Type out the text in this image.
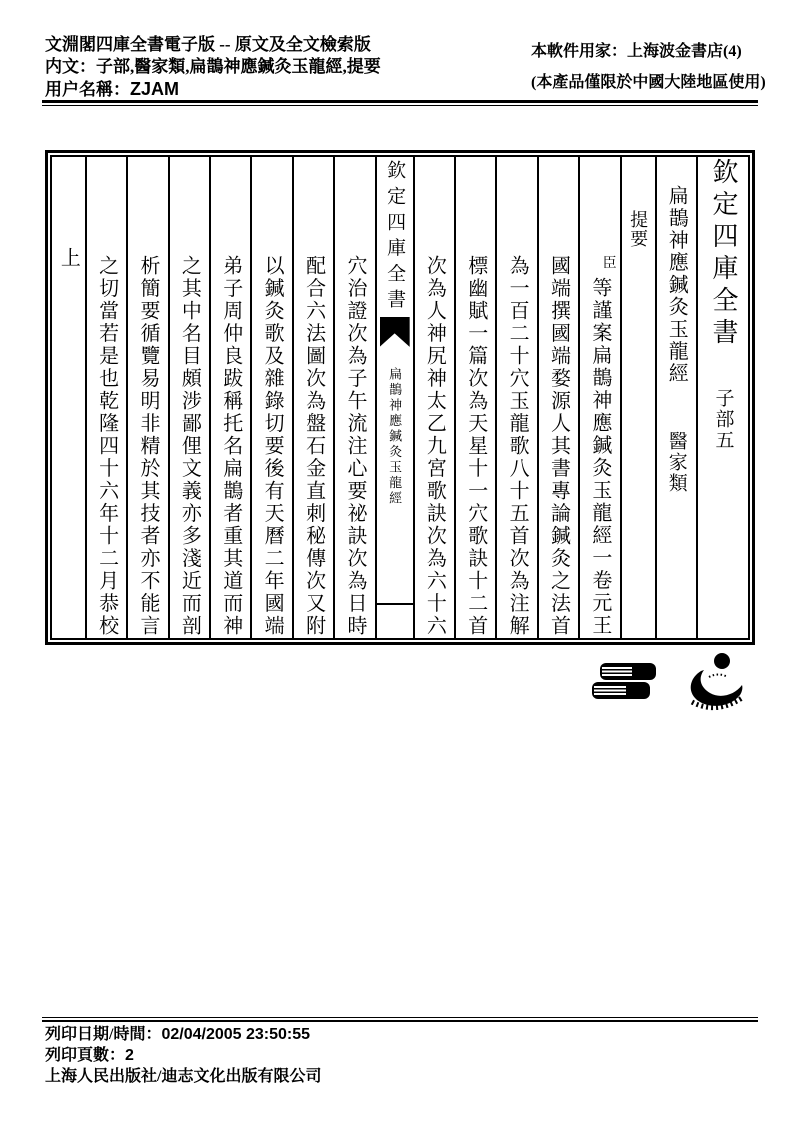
文淵閣四庫全書電子版 -- 原文及全文檢索版
内文：子部,醫家類,扁鵲神應鍼灸玉龍經,提要
用户名稱：ZJAM
本軟件用家：上海波金書店(4)
(本產品僅限於中國大陸地區使用)
欽定四庫全書
子部五
扁鵲神應鍼灸玉龍經
醫家類
提要
臣
等謹案扁鵲神應鍼灸玉龍經一卷元王
國端撰國端婺源人其書專論鍼灸之法首
為一百二十穴玉龍歌八十五首次為注解
標幽賦一篇次為天星十一穴歌訣十二首
次為人神尻神太乙九宮歌訣次為六十六
欽定四庫全書
扁鵲神應鍼灸玉龍經
穴治證次為子午流注心要祕訣次為日時
配合六法圖次為盤石金直刺秘傳次又附
以鍼灸歌及雜錄切要後有天曆二年國端
弟子周仲良跋稱托名扁鵲者重其道而神
之其中名目頗涉鄙俚文義亦多淺近而剖
析簡要循覽易明非精於其技者亦不能言
之切當若是也乾隆四十六年十二月恭校
上
列印日期/時間：02/04/2005 23:50:55
列印頁數：2
上海人民出版社/迪志文化出版有限公司
